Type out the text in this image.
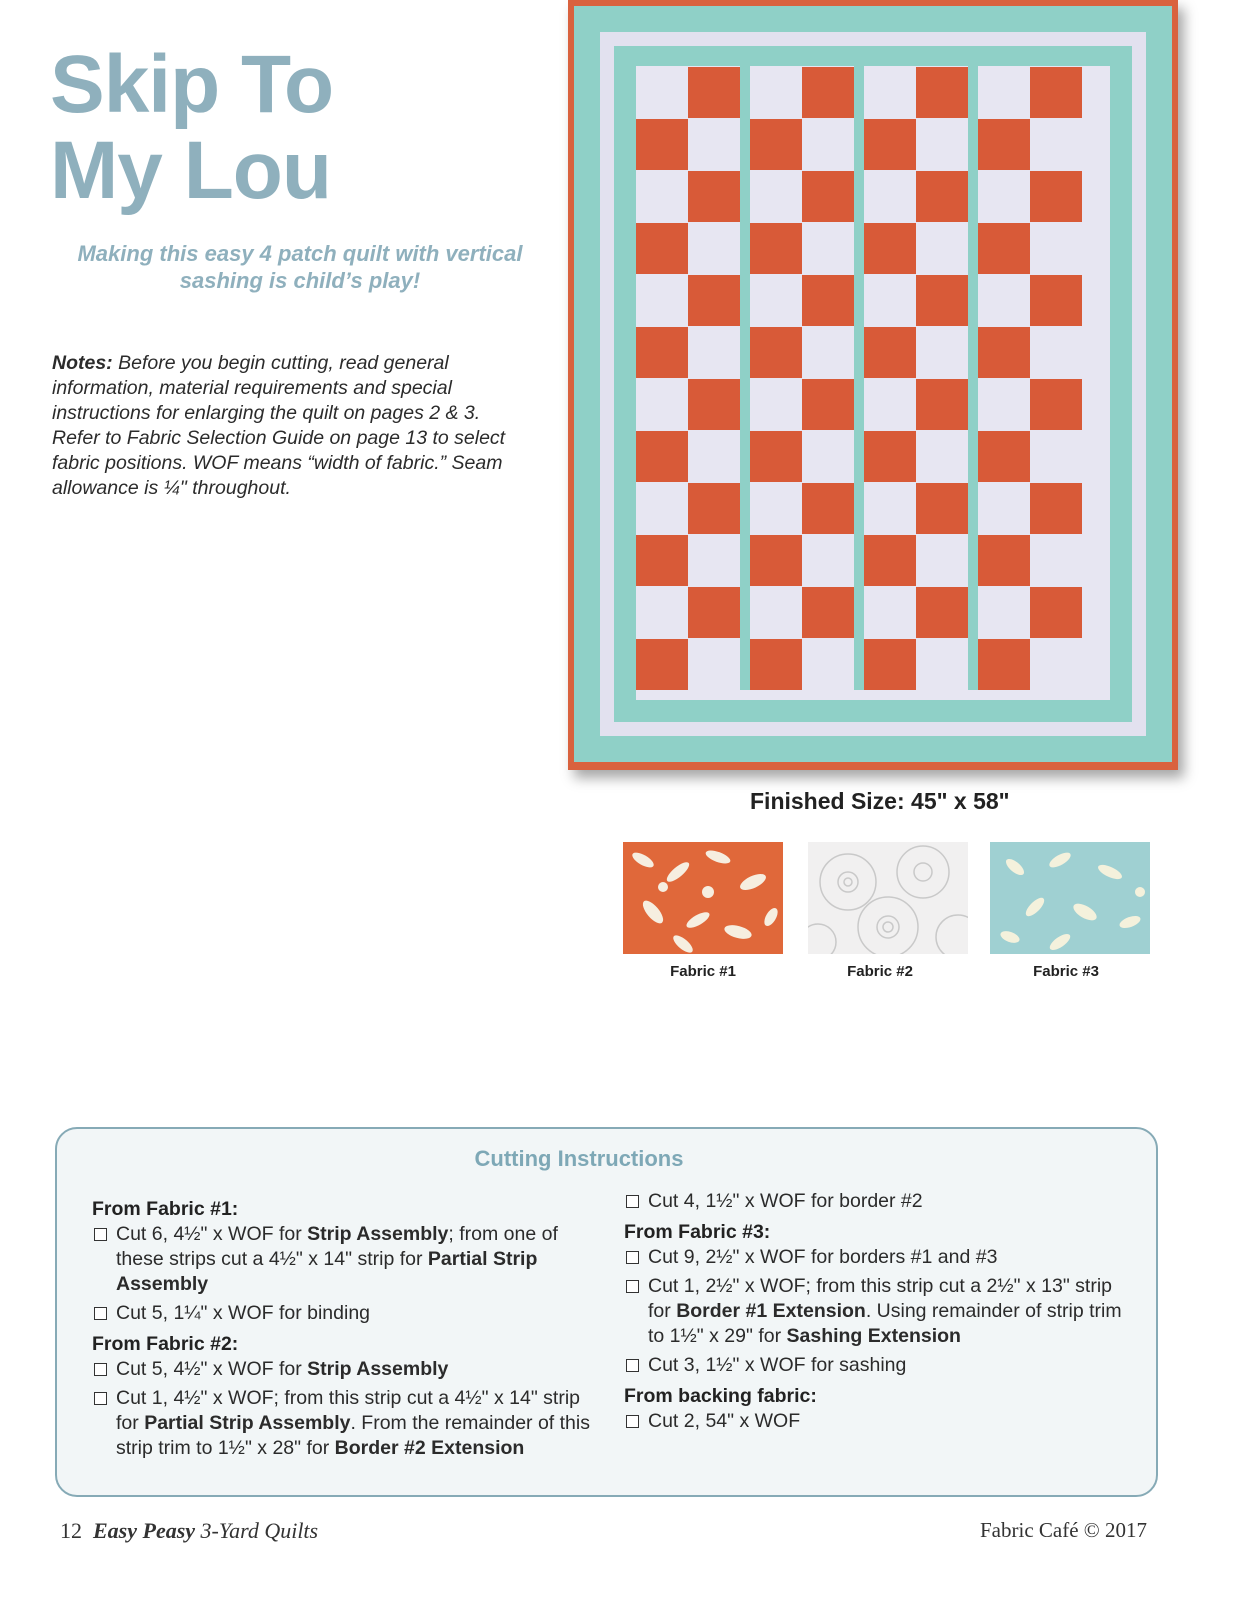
Skip To
My Lou
Making this easy 4 patch quilt with vertical sashing is child’s play!
Notes: Before you begin cutting, read general information, material requirements and special instructions for enlarging the quilt on pages 2 & 3. Refer to Fabric Selection Guide on page 13 to select fabric positions. WOF means “width of fabric.” Seam allowance is ¼" throughout.
Finished Size: 45" x 58"
Fabric #1	Fabric #2	Fabric #3
Cutting Instructions
From Fabric #1:
Cut 6, 4½" x WOF for Strip Assembly; from one of these strips cut a 4½" x 14" strip for Partial Strip Assembly
Cut 5, 1¼" x WOF for binding
From Fabric #2:
Cut 5, 4½" x WOF for Strip Assembly
Cut 1, 4½" x WOF; from this strip cut a 4½" x 14" strip for Partial Strip Assembly. From the remainder of this strip trim to 1½" x 28" for Border #2 Extension
Cut 4, 1½" x WOF for border #2
From Fabric #3:
Cut 9, 2½" x WOF for borders #1 and #3
Cut 1, 2½" x WOF; from this strip cut a 2½" x 13" strip for Border #1 Extension. Using remainder of strip trim to 1½" x 29" for Sashing Extension
Cut 3, 1½" x WOF for sashing
From backing fabric:
Cut 2, 54" x WOF
12 Easy Peasy 3-Yard Quilts	Fabric Café © 2017
